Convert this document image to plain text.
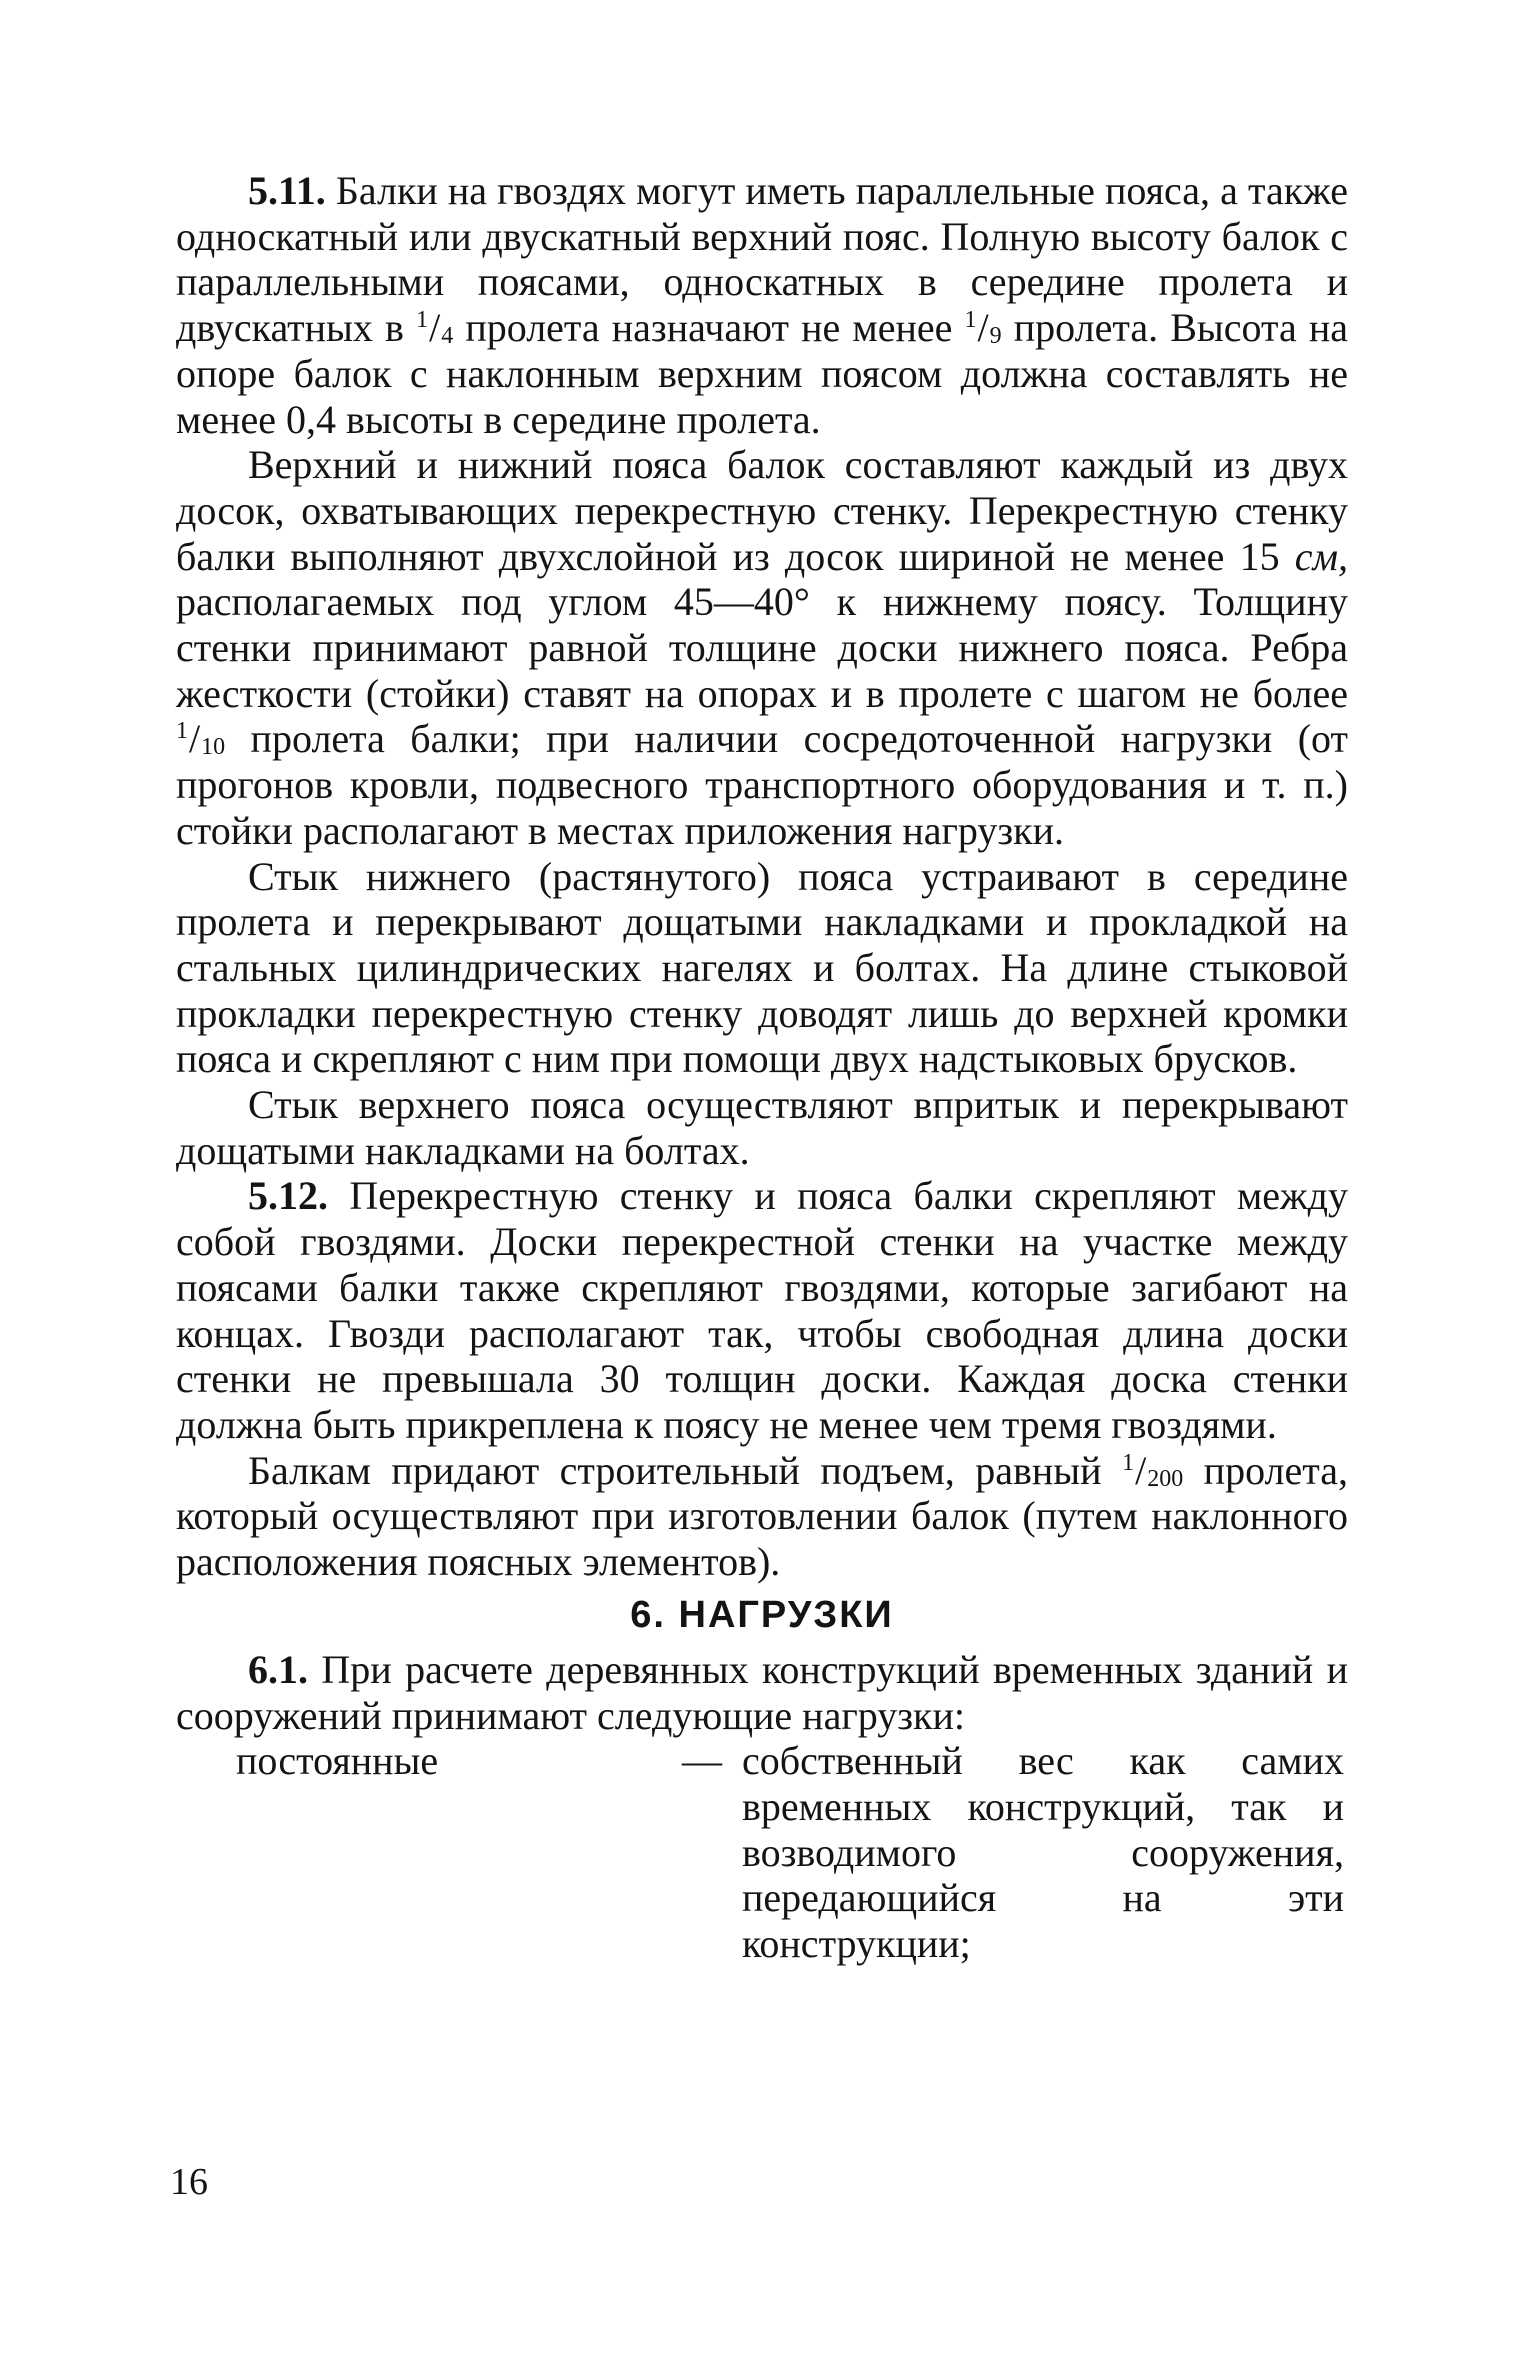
5.11. Балки на гвоздях могут иметь параллельные пояса, а также односкатный или двускатный верхний пояс. Полную высоту балок с параллельными поясами, односкатных в середине пролета и двускатных в $^1/_4$ пролета назначают не менее $^1/_9$ пролета. Высота на опоре балок с наклонным верхним поясом должна составлять не менее 0,4 высоты в середине пролета.

Верхний и нижний пояса балок составляют каждый из двух досок, охватывающих перекрестную стенку. Перекрестную стенку балки выполняют двухслойной из досок шириной не менее 15 см, располагаемых под углом 45—40° к нижнему поясу. Толщину стенки принимают равной толщине доски нижнего пояса. Ребра жесткости (стойки) ставят на опорах и в пролете с шагом не более $^1/_{10}$ пролета балки; при наличии сосредоточенной нагрузки (от прогонов кровли, подвесного транспортного оборудования и т. п.) стойки располагают в местах приложения нагрузки.

Стык нижнего (растянутого) пояса устраивают в середине пролета и перекрывают дощатыми накладками и прокладкой на стальных цилиндрических нагелях и болтах. На длине стыковой прокладки перекрестную стенку доводят лишь до верхней кромки пояса и скрепляют с ним при помощи двух надстыковых брусков.

Стык верхнего пояса осуществляют впритык и перекрывают дощатыми накладками на болтах.

5.12. Перекрестную стенку и пояса балки скрепляют между собой гвоздями. Доски перекрестной стенки на участке между поясами балки также скрепляют гвоздями, которые загибают на концах. Гвозди располагают так, чтобы свободная длина доски стенки не превышала 30 толщин доски. Каждая доска стенки должна быть прикреплена к поясу не менее чем тремя гвоздями.

Балкам придают строительный подъем, равный $^1/_{200}$ пролета, который осуществляют при изготовлении балок (путем наклонного расположения поясных элементов).

6. НАГРУЗКИ

6.1. При расчете деревянных конструкций временных зданий и сооружений принимают следующие нагрузки:

постоянные	— собственный вес как самих временных конструкций, так и возводимого сооружения, передающийся на эти конструкции;
16
